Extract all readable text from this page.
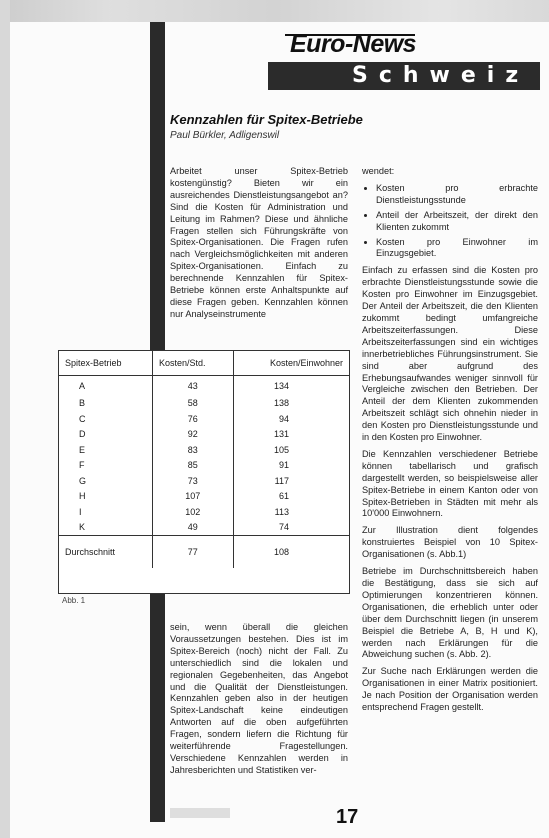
Euro-News
Schweiz
Kennzahlen für Spitex-Betriebe
Paul Bürkler, Adligenswil

Arbeitet unser Spitex-Betrieb kostengünstig? Bieten wir ein ausreichendes Dienstleistungsangebot an? Sind die Kosten für Administration und Leitung im Rahmen? Diese und ähnliche Fragen stellen sich Führungskräfte von Spitex-Organisationen. Die Fragen rufen nach Vergleichsmöglichkeiten mit anderen Spitex-Organisationen. Einfach zu berechnende Kennzahlen für Spitex-Betriebe können erste Anhaltspunkte auf diese Fragen geben. Kennzahlen können nur Analyseinstrumente

Spitex-Betrieb	Kosten/Std.	Kosten/Einwohner
A	43	134
B	58	138
C	76	94
D	92	131
E	83	105
F	85	91
G	73	117
H	107	61
I	102	113
K	49	74
Durchschnitt	77	108
Abb. 1

sein, wenn überall die gleichen Voraussetzungen bestehen. Dies ist im Spitex-Bereich (noch) nicht der Fall. Zu unterschiedlich sind die lokalen und regionalen Gegebenheiten, das Angebot und die Qualität der Dienstleistungen. Kennzahlen geben also in der heutigen Spitex-Landschaft keine eindeutigen Antworten auf die oben aufgeführten Fragen, sondern liefern die Richtung für weiterführende Fragestellungen. Verschiedene Kennzahlen werden in Jahresberichten und Statistiken ver-

wendet:

• Kosten pro erbrachte Dienstleistungsstunde
• Anteil der Arbeitszeit, der direkt den Klienten zukommt
• Kosten pro Einwohner im Einzugsgebiet.

Einfach zu erfassen sind die Kosten pro erbrachte Dienstleistungsstunde sowie die Kosten pro Einwohner im Einzugsgebiet. Der Anteil der Arbeitszeit, die den Klienten zukommt bedingt umfangreiche Arbeitszeiterfassungen. Diese Arbeitszeiterfassungen sind ein wichtiges innerbetriebliches Führungsinstrument. Sie sind aber aufgrund des Erhebungsaufwandes weniger sinnvoll für Vergleiche zwischen den Betrieben. Der Anteil der dem Klienten zukommenden Arbeitszeit schlägt sich ohnehin nieder in den Kosten pro Dienstleistungsstunde und in den Kosten pro Einwohner.

Die Kennzahlen verschiedener Betriebe können tabellarisch und grafisch dargestellt werden, so beispielsweise aller Spitex-Betriebe in einem Kanton oder von Spitex-Betrieben in Städten mit mehr als 10'000 Einwohnern.

Zur Illustration dient folgendes konstruiertes Beispiel von 10 Spitex-Organisationen (s. Abb.1)

Betriebe im Durchschnittsbereich haben die Bestätigung, dass sie sich auf Optimierungen konzentrieren können. Organisationen, die erheblich unter oder über dem Durchschnitt liegen (in unserem Beispiel die Betriebe A, B, H und K), werden nach Erklärungen für die Abweichung suchen (s. Abb. 2).

Zur Suche nach Erklärungen werden die Organisationen in einer Matrix positioniert. Je nach Position der Organisation werden entsprechend Fragen gestellt.

17
